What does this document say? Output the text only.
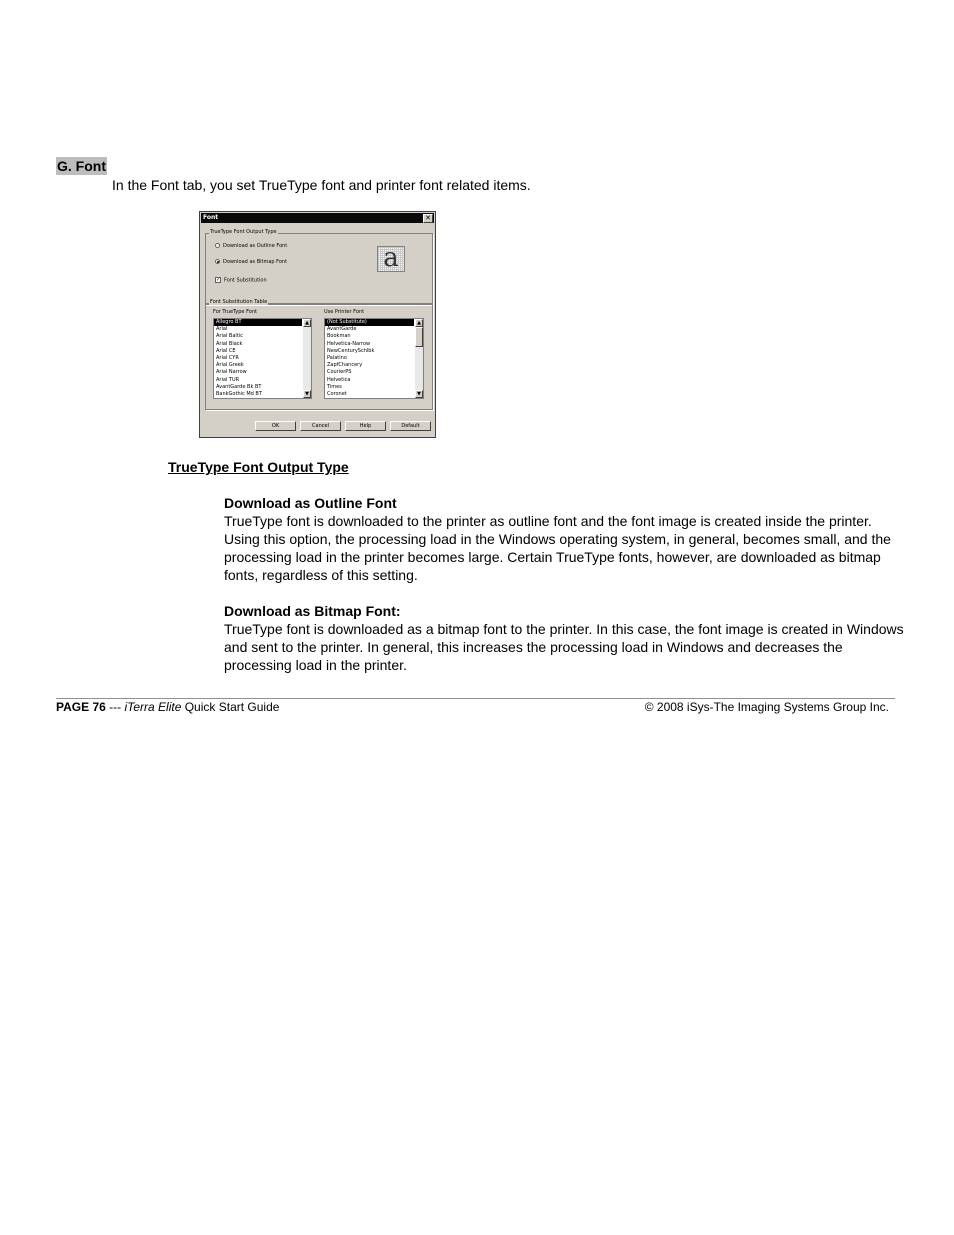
G. Font
In the Font tab, you set TrueType font and printer font related items.
Font	✕
TrueType Font Output Type
Download as Outline Font
Download as Bitmap Font
✓ Font Substitution
a
Font Substitution Table
For TrueType Font	Use Printer Font
Allegro BT
Arial
Arial Baltic
Arial Black
Arial CE
Arial CYR
Arial Greek
Arial Narrow
Arial TUR
AvantGarde Bk BT
BankGothic Md BT
▲
▼
(Not Substitute)
AvantGarde
Bookman
Helvetica-Narrow
NewCenturySchlbk
Palatino
ZapfChancery
CourierPS
Helvetica
Times
Coronet
▲
▼
OK	Cancel	Help	Default
TrueType Font Output Type
Download as Outline Font
TrueType font is downloaded to the printer as outline font and the font image is created inside the printer. Using this option, the processing load in the Windows operating system, in general, becomes small, and the processing load in the printer becomes large. Certain TrueType fonts, however, are downloaded as bitmap fonts, regardless of this setting.
Download as Bitmap Font:
TrueType font is downloaded as a bitmap font to the printer. In this case, the font image is created in Windows and sent to the printer. In general, this increases the processing load in Windows and decreases the processing load in the printer.
PAGE 76 --- iTerra Elite Quick Start Guide	© 2008 iSys-The Imaging Systems Group Inc.
